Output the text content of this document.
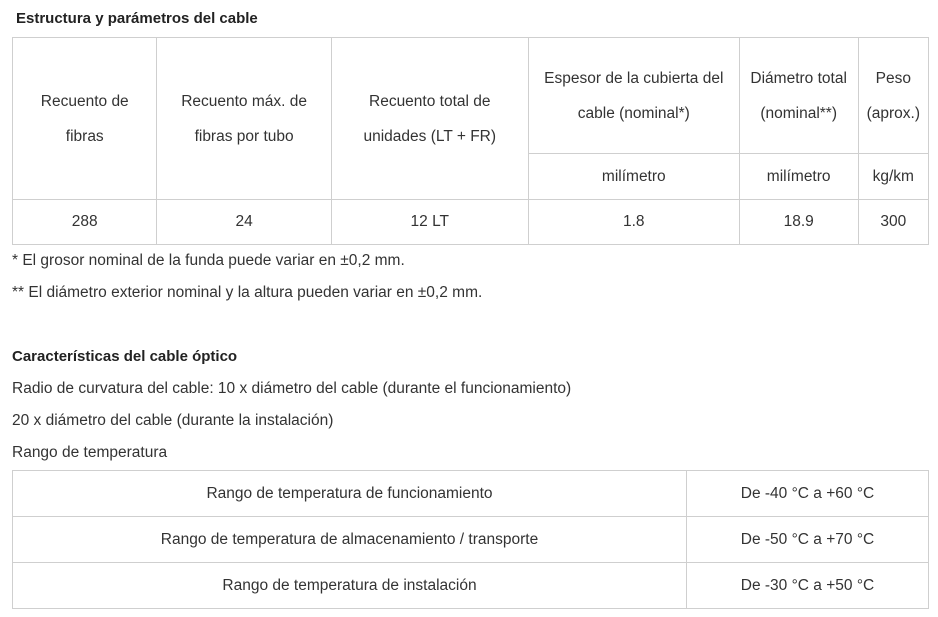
Estructura y parámetros del cable
Recuento de fibras	Recuento máx. de fibras por tubo	Recuento total de unidades (LT + FR)	Espesor de la cubierta del cable (nominal*)	Diámetro total (nominal**)	Peso (aprox.)
			milímetro	milímetro	kg/km
288	24	12 LT	1.8	18.9	300
* El grosor nominal de la funda puede variar en ±0,2 mm.
** El diámetro exterior nominal y la altura pueden variar en ±0,2 mm.
Características del cable óptico
Radio de curvatura del cable: 10 x diámetro del cable (durante el funcionamiento)
20 x diámetro del cable (durante la instalación)
Rango de temperatura
Rango de temperatura de funcionamiento	De -40 °C a +60 °C
Rango de temperatura de almacenamiento / transporte	De -50 °C a +70 °C
Rango de temperatura de instalación	De -30 °C a +50 °C
